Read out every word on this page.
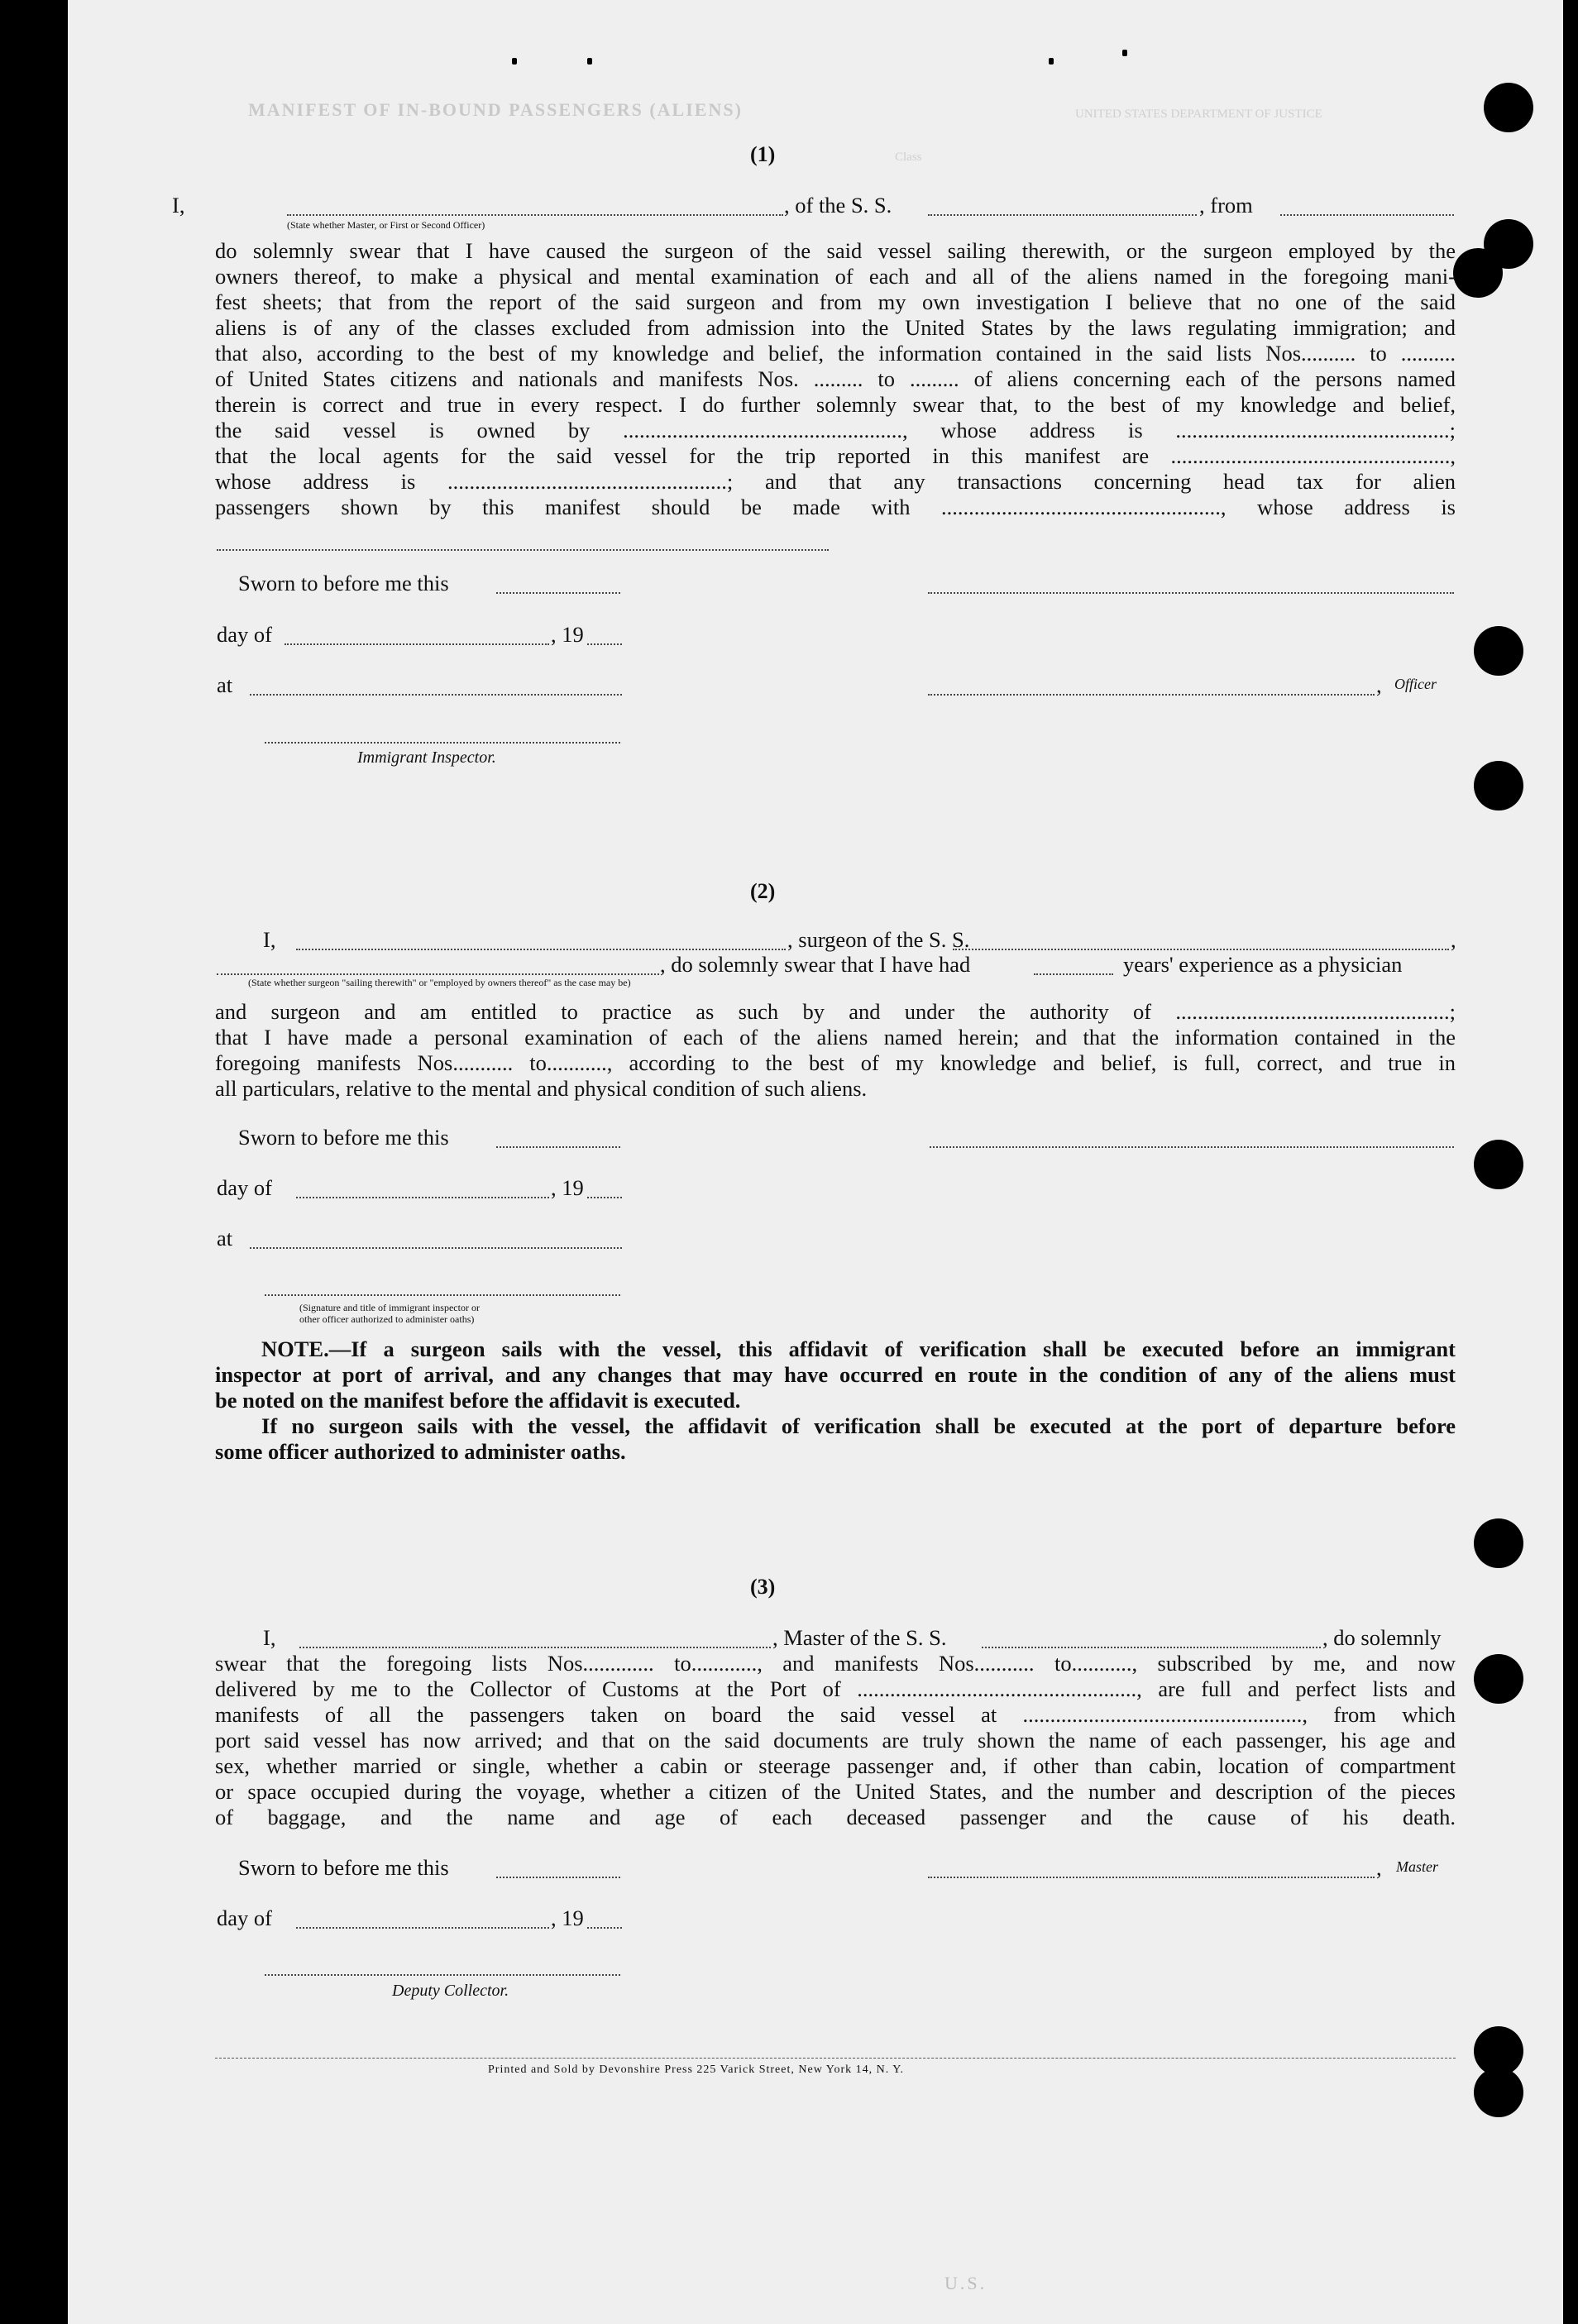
MANIFEST OF IN-BOUND PASSENGERS (ALIENS)	UNITED STATES DEPARTMENT OF JUSTICE
Class
(1)
I,	, of the S. S.	, from
(State whether Master, or First or Second Officer)
do solemnly swear that I have caused the surgeon of the said vessel sailing therewith, or the surgeon employed by the
owners thereof, to make a physical and mental examination of each and all of the aliens named in the foregoing mani-
fest sheets; that from the report of the said surgeon and from my own investigation I believe that no one of the said
aliens is of any of the classes excluded from admission into the United States by the laws regulating immigration; and
that also, according to the best of my knowledge and belief, the information contained in the said lists Nos.......... to ..........
of United States citizens and nationals and manifests Nos. ......... to ......... of aliens concerning each of the persons named
therein is correct and true in every respect. I do further solemnly swear that, to the best of my knowledge and belief,
the said vessel is owned by ..................................................., whose address is ..................................................;
that the local agents for the said vessel for the trip reported in this manifest are ...................................................,
whose address is ...................................................; and that any transactions concerning head tax for alien
passengers shown by this manifest should be made with ..................................................., whose address is
Sworn to before me this
day of	, 19
at	, Officer
Immigrant Inspector.
(2)
I,	, surgeon of the S. S.	,
, do solemnly swear that I have had	years' experience as a physician
(State whether surgeon "sailing therewith" or "employed by owners thereof" as the case may be)
and surgeon and am entitled to practice as such by and under the authority of ..................................................;
that I have made a personal examination of each of the aliens named herein; and that the information contained in the
foregoing manifests Nos........... to..........., according to the best of my knowledge and belief, is full, correct, and true in
all particulars, relative to the mental and physical condition of such aliens.
Sworn to before me this
day of	, 19
at
(Signature and title of immigrant inspector or
other officer authorized to administer oaths)
NOTE.—If a surgeon sails with the vessel, this affidavit of verification shall be executed before an immigrant
inspector at port of arrival, and any changes that may have occurred en route in the condition of any of the aliens must
be noted on the manifest before the affidavit is executed.
If no surgeon sails with the vessel, the affidavit of verification shall be executed at the port of departure before
some officer authorized to administer oaths.
(3)
I,	, Master of the S. S.	, do solemnly
swear that the foregoing lists Nos............. to............, and manifests Nos........... to..........., subscribed by me, and now
delivered by me to the Collector of Customs at the Port of ..................................................., are full and perfect lists and
manifests of all the passengers taken on board the said vessel at ..................................................., from which
port said vessel has now arrived; and that on the said documents are truly shown the name of each passenger, his age and
sex, whether married or single, whether a cabin or steerage passenger and, if other than cabin, location of compartment
or space occupied during the voyage, whether a citizen of the United States, and the number and description of the pieces
of baggage, and the name and age of each deceased passenger and the cause of his death.
Sworn to before me this	, Master
day of	, 19
Deputy Collector.
Printed and Sold by Devonshire Press 225 Varick Street, New York 14, N. Y.
U.S.
